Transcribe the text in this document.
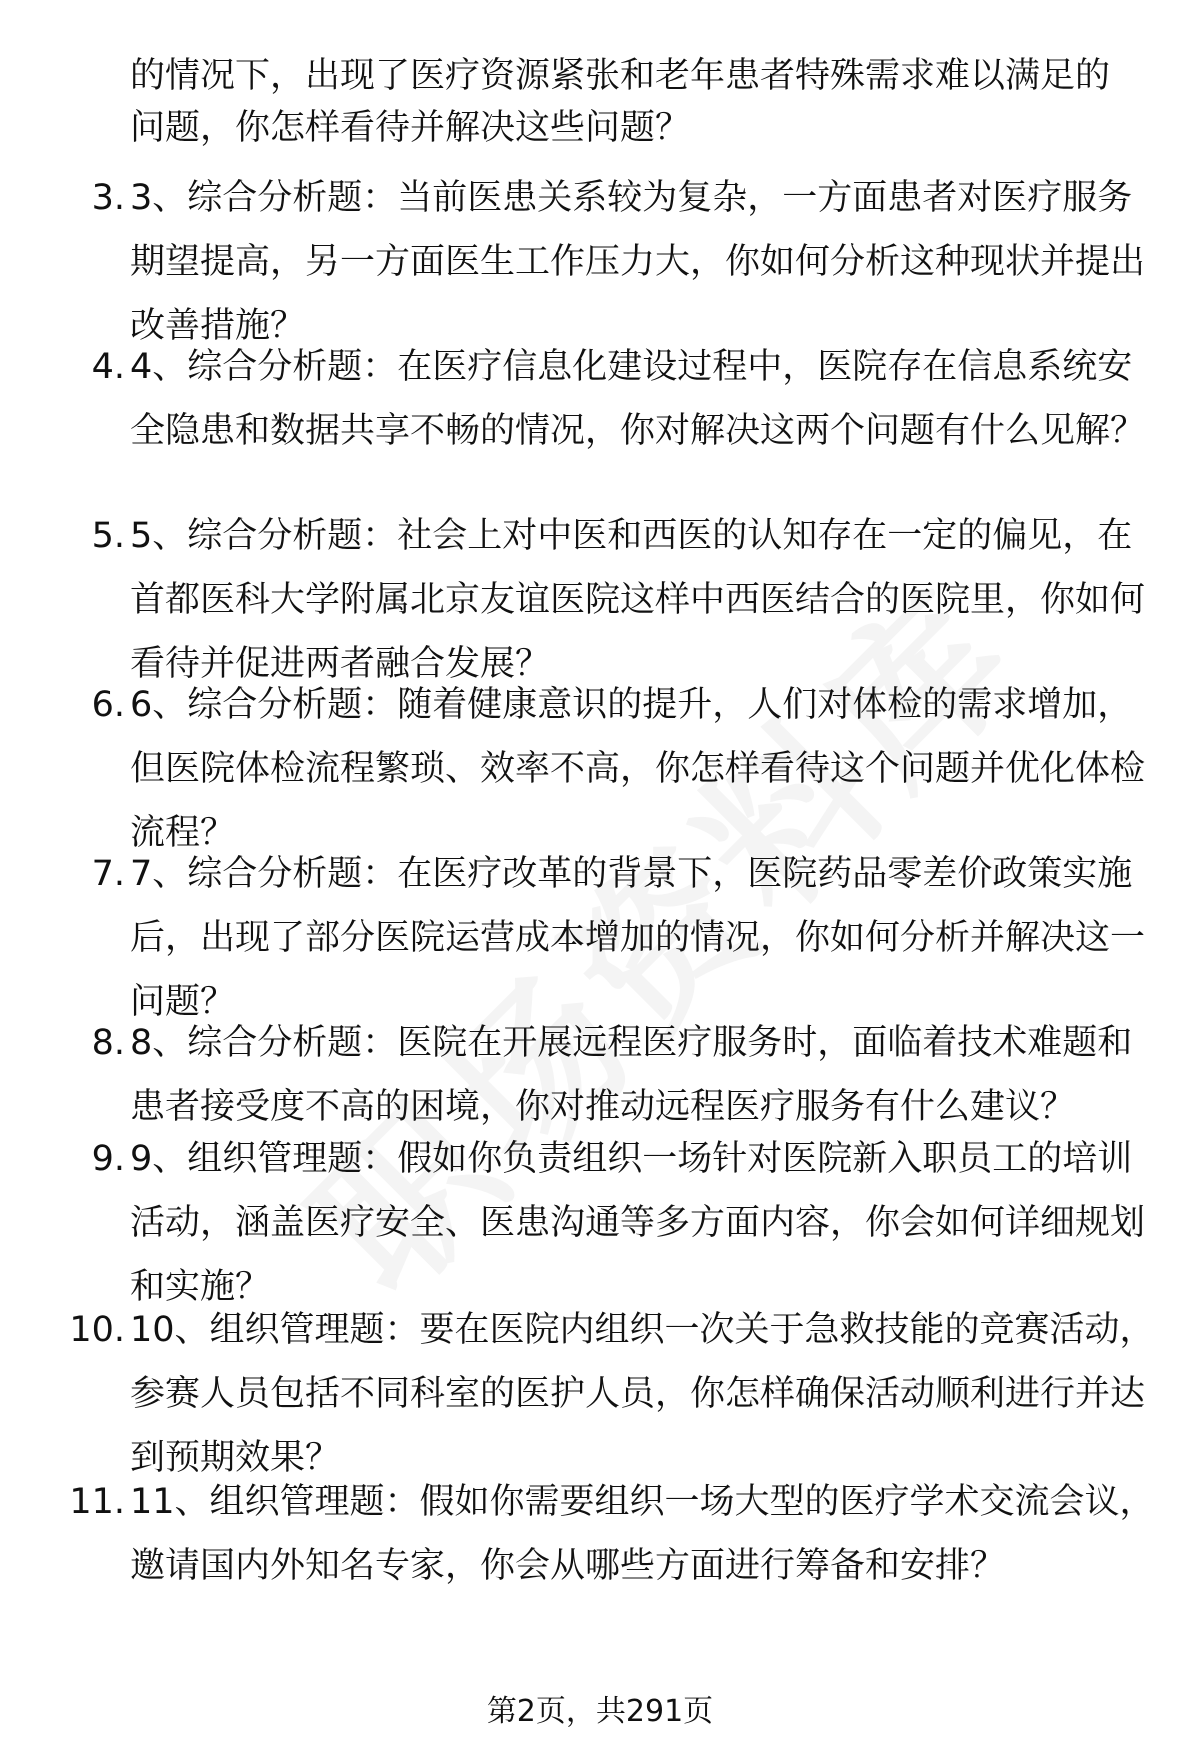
的情况下，出现了医疗资源紧张和老年患者特殊需求难以满足的
问题，你怎样看待并解决这些问题？
3. 3、综合分析题：当前医患关系较为复杂，一方面患者对医疗服务期望提高，另一方面医生工作压力大，你如何分析这种现状并提出改善措施？
4. 4、综合分析题：在医疗信息化建设过程中，医院存在信息系统安全隐患和数据共享不畅的情况，你对解决这两个问题有什么见解？
5. 5、综合分析题：社会上对中医和西医的认知存在一定的偏见，在首都医科大学附属北京友谊医院这样中西医结合的医院里，你如何看待并促进两者融合发展？
6. 6、综合分析题：随着健康意识的提升，人们对体检的需求增加，但医院体检流程繁琐、效率不高，你怎样看待这个问题并优化体检流程？
7. 7、综合分析题：在医疗改革的背景下，医院药品零差价政策实施后，出现了部分医院运营成本增加的情况，你如何分析并解决这一问题？
8. 8、综合分析题：医院在开展远程医疗服务时，面临着技术难题和患者接受度不高的困境，你对推动远程医疗服务有什么建议？
9. 9、组织管理题：假如你负责组织一场针对医院新入职员工的培训活动，涵盖医疗安全、医患沟通等多方面内容，你会如何详细规划和实施？
10. 10、组织管理题：要在医院内组织一次关于急救技能的竞赛活动，参赛人员包括不同科室的医护人员，你怎样确保活动顺利进行并达到预期效果？
11. 11、组织管理题：假如你需要组织一场大型的医疗学术交流会议，邀请国内外知名专家，你会从哪些方面进行筹备和安排？
第2页，共291页
